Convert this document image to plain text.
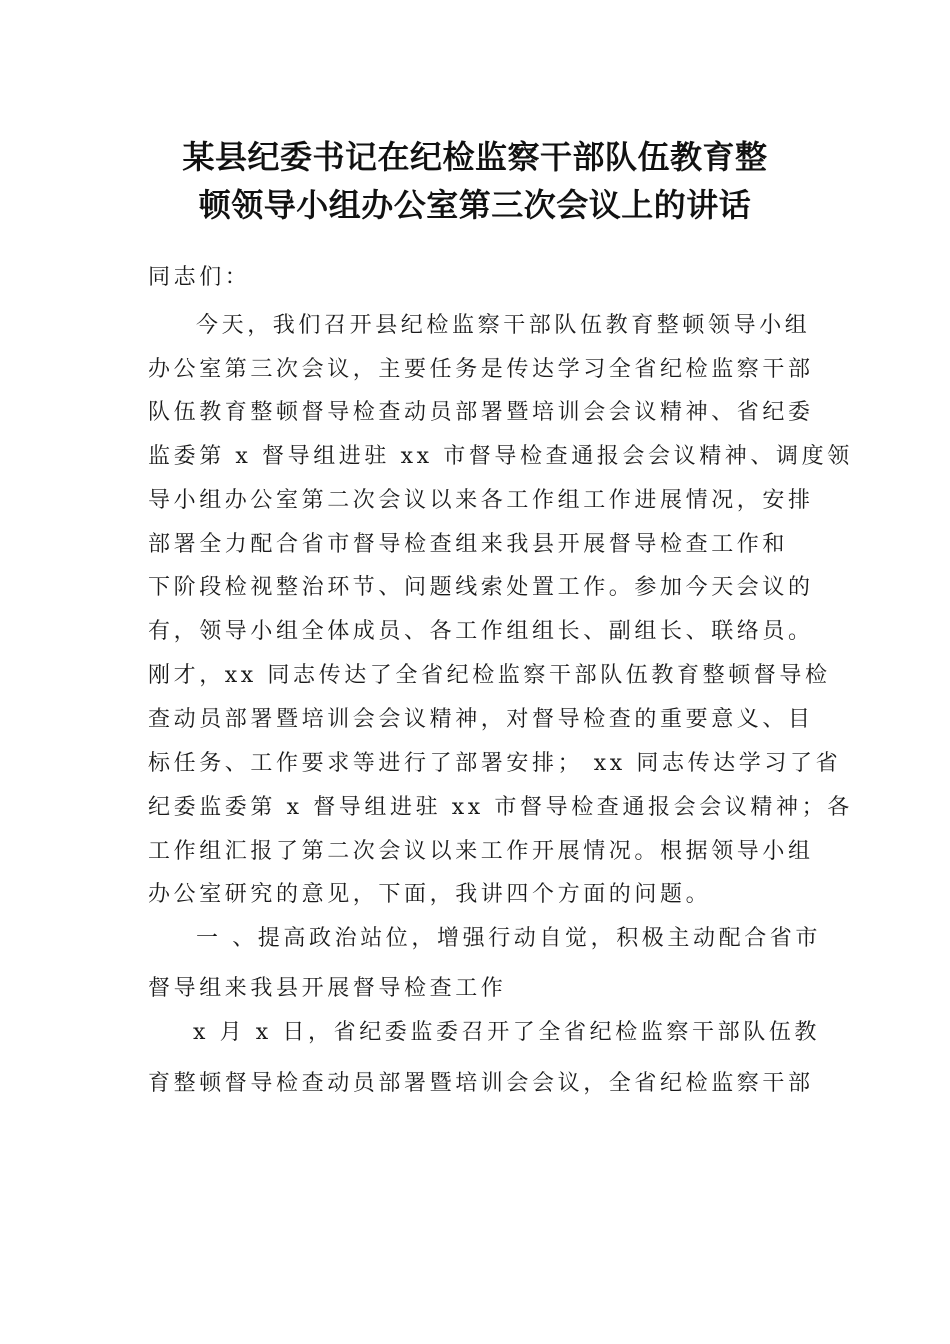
某县纪委书记在纪检监察干部队伍教育整
顿领导小组办公室第三次会议上的讲话
同志们：
今天，我们召开县纪检监察干部队伍教育整顿领导小组
办公室第三次会议，主要任务是传达学习全省纪检监察干部
队伍教育整顿督导检查动员部署暨培训会会议精神、省纪委
监委第 x 督导组进驻 xx 市督导检查通报会会议精神、调度领
导小组办公室第二次会议以来各工作组工作进展情况，安排
部署全力配合省市督导检查组来我县开展督导检查工作和
下阶段检视整治环节、问题线索处置工作。参加今天会议的
有，领导小组全体成员、各工作组组长、副组长、联络员。
刚才，xx 同志传达了全省纪检监察干部队伍教育整顿督导检
查动员部署暨培训会会议精神，对督导检查的重要意义、目
标任务、工作要求等进行了部署安排； xx 同志传达学习了省
纪委监委第 x 督导组进驻 xx 市督导检查通报会会议精神；各
工作组汇报了第二次会议以来工作开展情况。根据领导小组
办公室研究的意见，下面，我讲四个方面的问题。
一 、提高政治站位，增强行动自觉，积极主动配合省市
督导组来我县开展督导检查工作
x 月 x 日，省纪委监委召开了全省纪检监察干部队伍教
育整顿督导检查动员部署暨培训会会议，全省纪检监察干部
